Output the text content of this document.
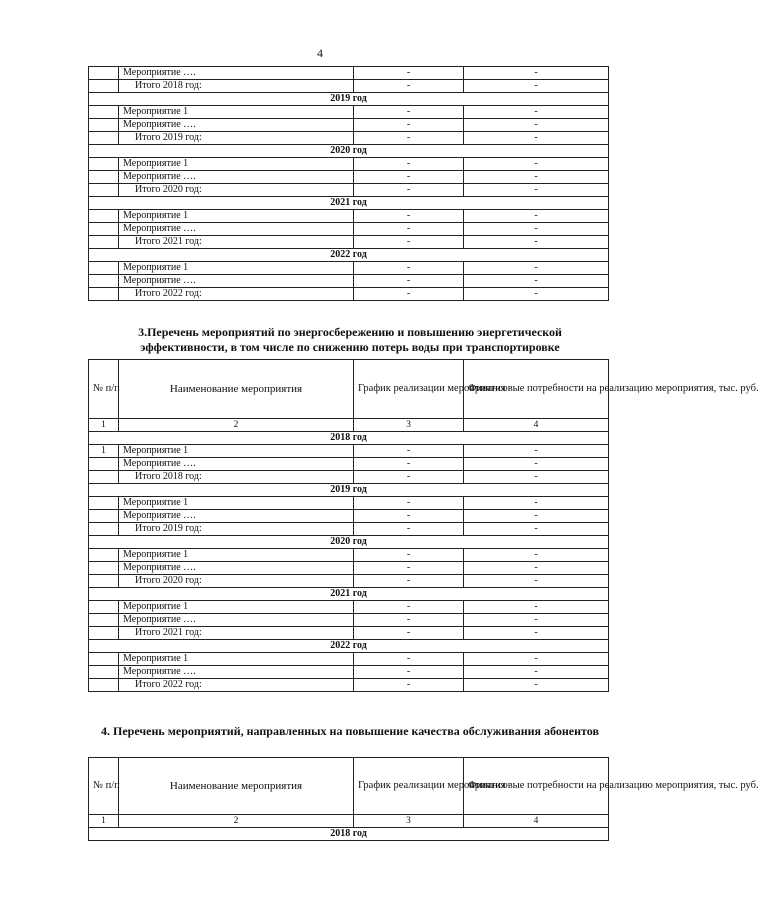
4
	Мероприятие ….	-	-
	Итого 2018 год:	-	-
2019 год			
	Мероприятие 1	-	-
	Мероприятие ….	-	-
	Итого 2019 год:	-	-
2020 год			
	Мероприятие 1	-	-
	Мероприятие ….	-	-
	Итого 2020 год:	-	-
2021 год			
	Мероприятие 1	-	-
	Мероприятие ….	-	-
	Итого 2021 год:	-	-
2022 год			
	Мероприятие 1	-	-
	Мероприятие ….	-	-
	Итого 2022 год:	-	-
3.Перечень мероприятий по энергосбережению и повышению энергетической эффективности, в том числе по снижению потерь воды при транспортировке
№ п/п	Наименование мероприятия	График реализации мероприятия	Финансовые потребности на реализацию мероприятия, тыс. руб.
1	2	3	4
2018 год			
1	Мероприятие 1	-	-
	Мероприятие ….	-	-
	Итого 2018 год:	-	-
2019 год			
	Мероприятие 1	-	-
	Мероприятие ….	-	-
	Итого 2019 год:	-	-
2020 год			
	Мероприятие 1	-	-
	Мероприятие ….	-	-
	Итого 2020 год:	-	-
2021 год			
	Мероприятие 1	-	-
	Мероприятие ….	-	-
	Итого 2021 год:	-	-
2022 год			
	Мероприятие 1	-	-
	Мероприятие ….	-	-
	Итого 2022 год:	-	-
4. Перечень мероприятий, направленных на повышение качества обслуживания абонентов
№ п/п	Наименование мероприятия	График реализации мероприятия	Финансовые потребности на реализацию мероприятия, тыс. руб.
1	2	3	4
2018 год			
